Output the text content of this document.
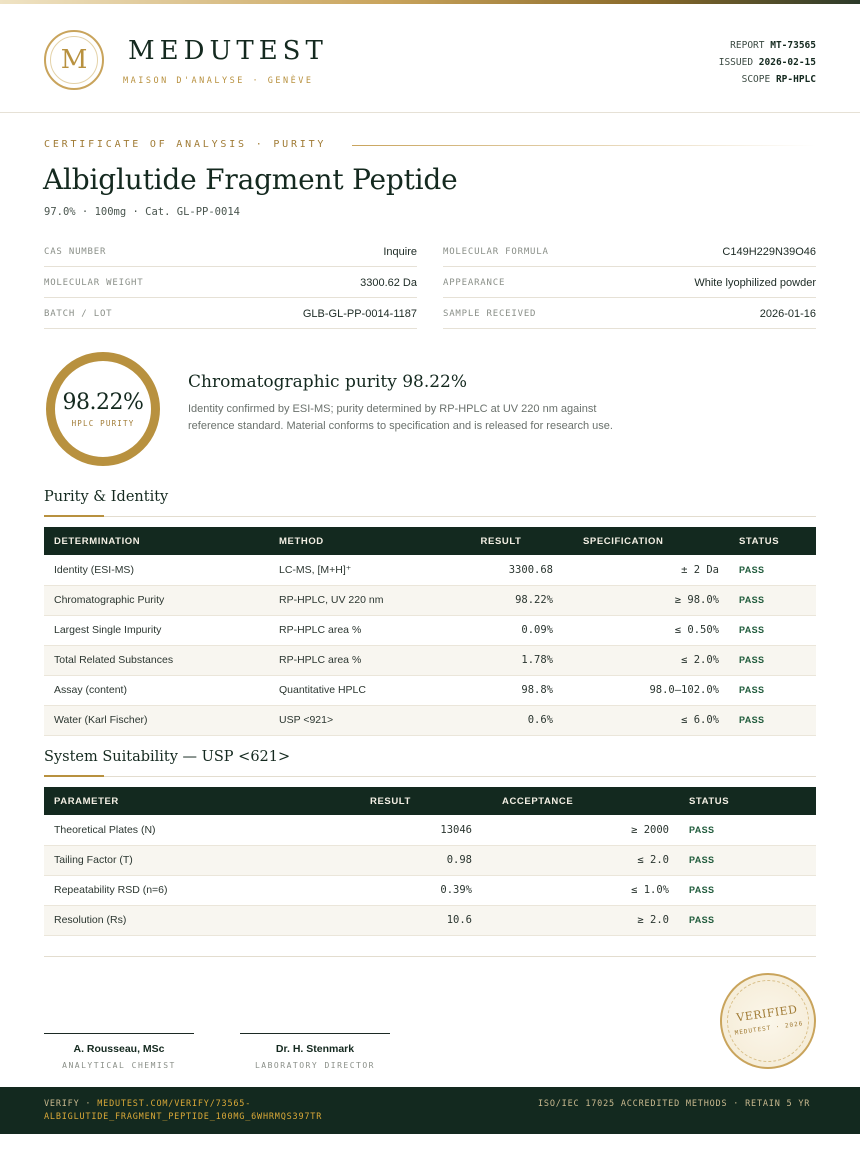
M	MEDUTEST
MAISON D'ANALYSE · GENÈVE
REPORT MT-73565
ISSUED 2026-02-15
SCOPE RP-HPLC
CERTIFICATE OF ANALYSIS · PURITY
Albiglutide Fragment Peptide
97.0% · 100mg · Cat. GL-PP-0014
CAS NUMBER	Inquire
MOLECULAR WEIGHT	3300.62 Da
BATCH / LOT	GLB-GL-PP-0014-1187
MOLECULAR FORMULA	C149H229N39O46
APPEARANCE	White lyophilized powder
SAMPLE RECEIVED	2026-01-16
98.22%
HPLC PURITY
Chromatographic purity 98.22%
Identity confirmed by ESI-MS; purity determined by RP-HPLC at UV 220 nm against reference standard. Material conforms to specification and is released for research use.
Purity & Identity
DETERMINATION	METHOD	RESULT	SPECIFICATION	STATUS
Identity (ESI-MS)	LC-MS, [M+H]⁺	3300.68	± 2 Da	PASS
Chromatographic Purity	RP-HPLC, UV 220 nm	98.22%	≥ 98.0%	PASS
Largest Single Impurity	RP-HPLC area %	0.09%	≤ 0.50%	PASS
Total Related Substances	RP-HPLC area %	1.78%	≤ 2.0%	PASS
Assay (content)	Quantitative HPLC	98.8%	98.0–102.0%	PASS
Water (Karl Fischer)	USP <921>	0.6%	≤ 6.0%	PASS
System Suitability — USP <621>
PARAMETER	RESULT	ACCEPTANCE	STATUS
Theoretical Plates (N)	13046	≥ 2000	PASS
Tailing Factor (T)	0.98	≤ 2.0	PASS
Repeatability RSD (n=6)	0.39%	≤ 1.0%	PASS
Resolution (Rs)	10.6	≥ 2.0	PASS
A. Rousseau, MSc
ANALYTICAL CHEMIST
Dr. H. Stenmark
LABORATORY DIRECTOR
VERIFIED
MEDUTEST · 2026
VERIFY · MEDUTEST.COM/VERIFY/73565-ALBIGLUTIDE_FRAGMENT_PEPTIDE_100MG_6WHRMQS397TR
ISO/IEC 17025 ACCREDITED METHODS · RETAIN 5 YR
